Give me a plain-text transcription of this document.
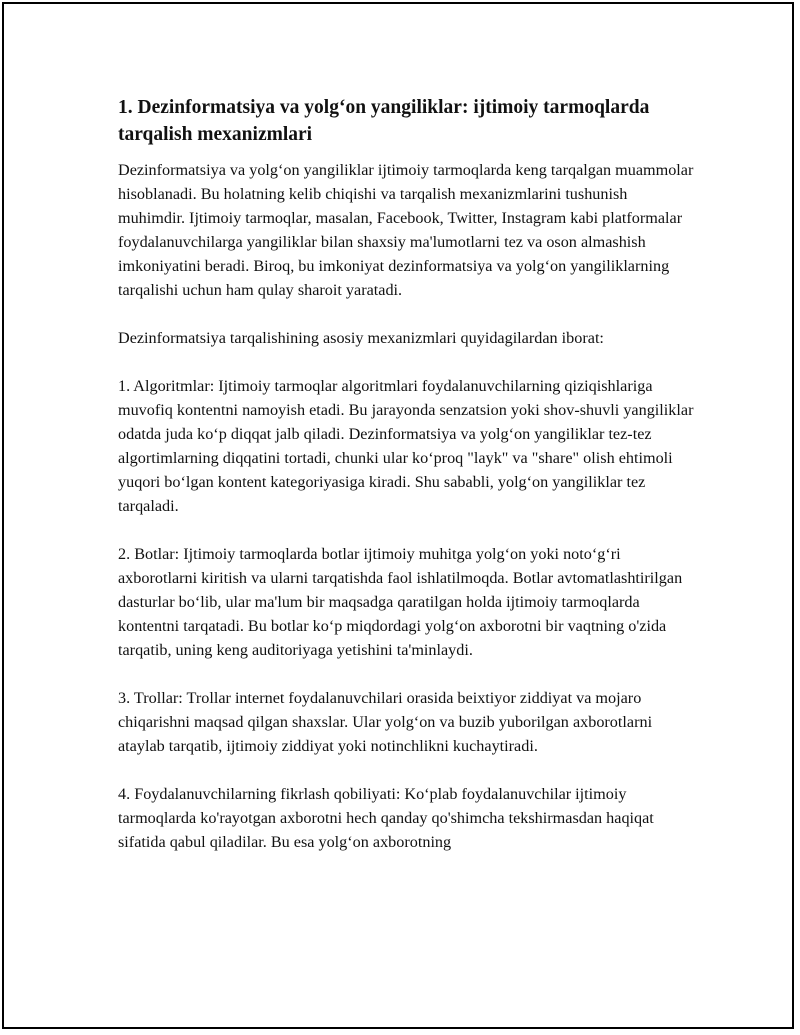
1. Dezinformatsiya va yolg‘on yangiliklar: ijtimoiy tarmoqlarda tarqalish mexanizmlari

Dezinformatsiya va yolg‘on yangiliklar ijtimoiy tarmoqlarda keng tarqalgan muammolar hisoblanadi. Bu holatning kelib chiqishi va tarqalish mexanizmlarini tushunish muhimdir. Ijtimoiy tarmoqlar, masalan, Facebook, Twitter, Instagram kabi platformalar foydalanuvchilarga yangiliklar bilan shaxsiy ma'lumotlarni tez va oson almashish imkoniyatini beradi. Biroq, bu imkoniyat dezinformatsiya va yolg‘on yangiliklarning tarqalishi uchun ham qulay sharoit yaratadi.

Dezinformatsiya tarqalishining asosiy mexanizmlari quyidagilardan iborat:

1. Algoritmlar: Ijtimoiy tarmoqlar algoritmlari foydalanuvchilarning qiziqishlariga muvofiq kontentni namoyish etadi. Bu jarayonda senzatsion yoki shov-shuvli yangiliklar odatda juda ko‘p diqqat jalb qiladi. Dezinformatsiya va yolg‘on yangiliklar tez-tez algortimlarning diqqatini tortadi, chunki ular ko‘proq "layk" va "share" olish ehtimoli yuqori bo‘lgan kontent kategoriyasiga kiradi. Shu sababli, yolg‘on yangiliklar tez tarqaladi.

2. Botlar: Ijtimoiy tarmoqlarda botlar ijtimoiy muhitga yolg‘on yoki noto‘g‘ri axborotlarni kiritish va ularni tarqatishda faol ishlatilmoqda. Botlar avtomatlashtirilgan dasturlar bo‘lib, ular ma'lum bir maqsadga qaratilgan holda ijtimoiy tarmoqlarda kontentni tarqatadi. Bu botlar ko‘p miqdordagi yolg‘on axborotni bir vaqtning o'zida tarqatib, uning keng auditoriyaga yetishini ta'minlaydi.

3. Trollar: Trollar internet foydalanuvchilari orasida beixtiyor ziddiyat va mojaro chiqarishni maqsad qilgan shaxslar. Ular yolg‘on va buzib yuborilgan axborotlarni ataylab tarqatib, ijtimoiy ziddiyat yoki notinchlikni kuchaytiradi.

4. Foydalanuvchilarning fikrlash qobiliyati: Ko‘plab foydalanuvchilar ijtimoiy tarmoqlarda ko'rayotgan axborotni hech qanday qo'shimcha tekshirmasdan haqiqat sifatida qabul qiladilar. Bu esa yolg‘on axborotning
